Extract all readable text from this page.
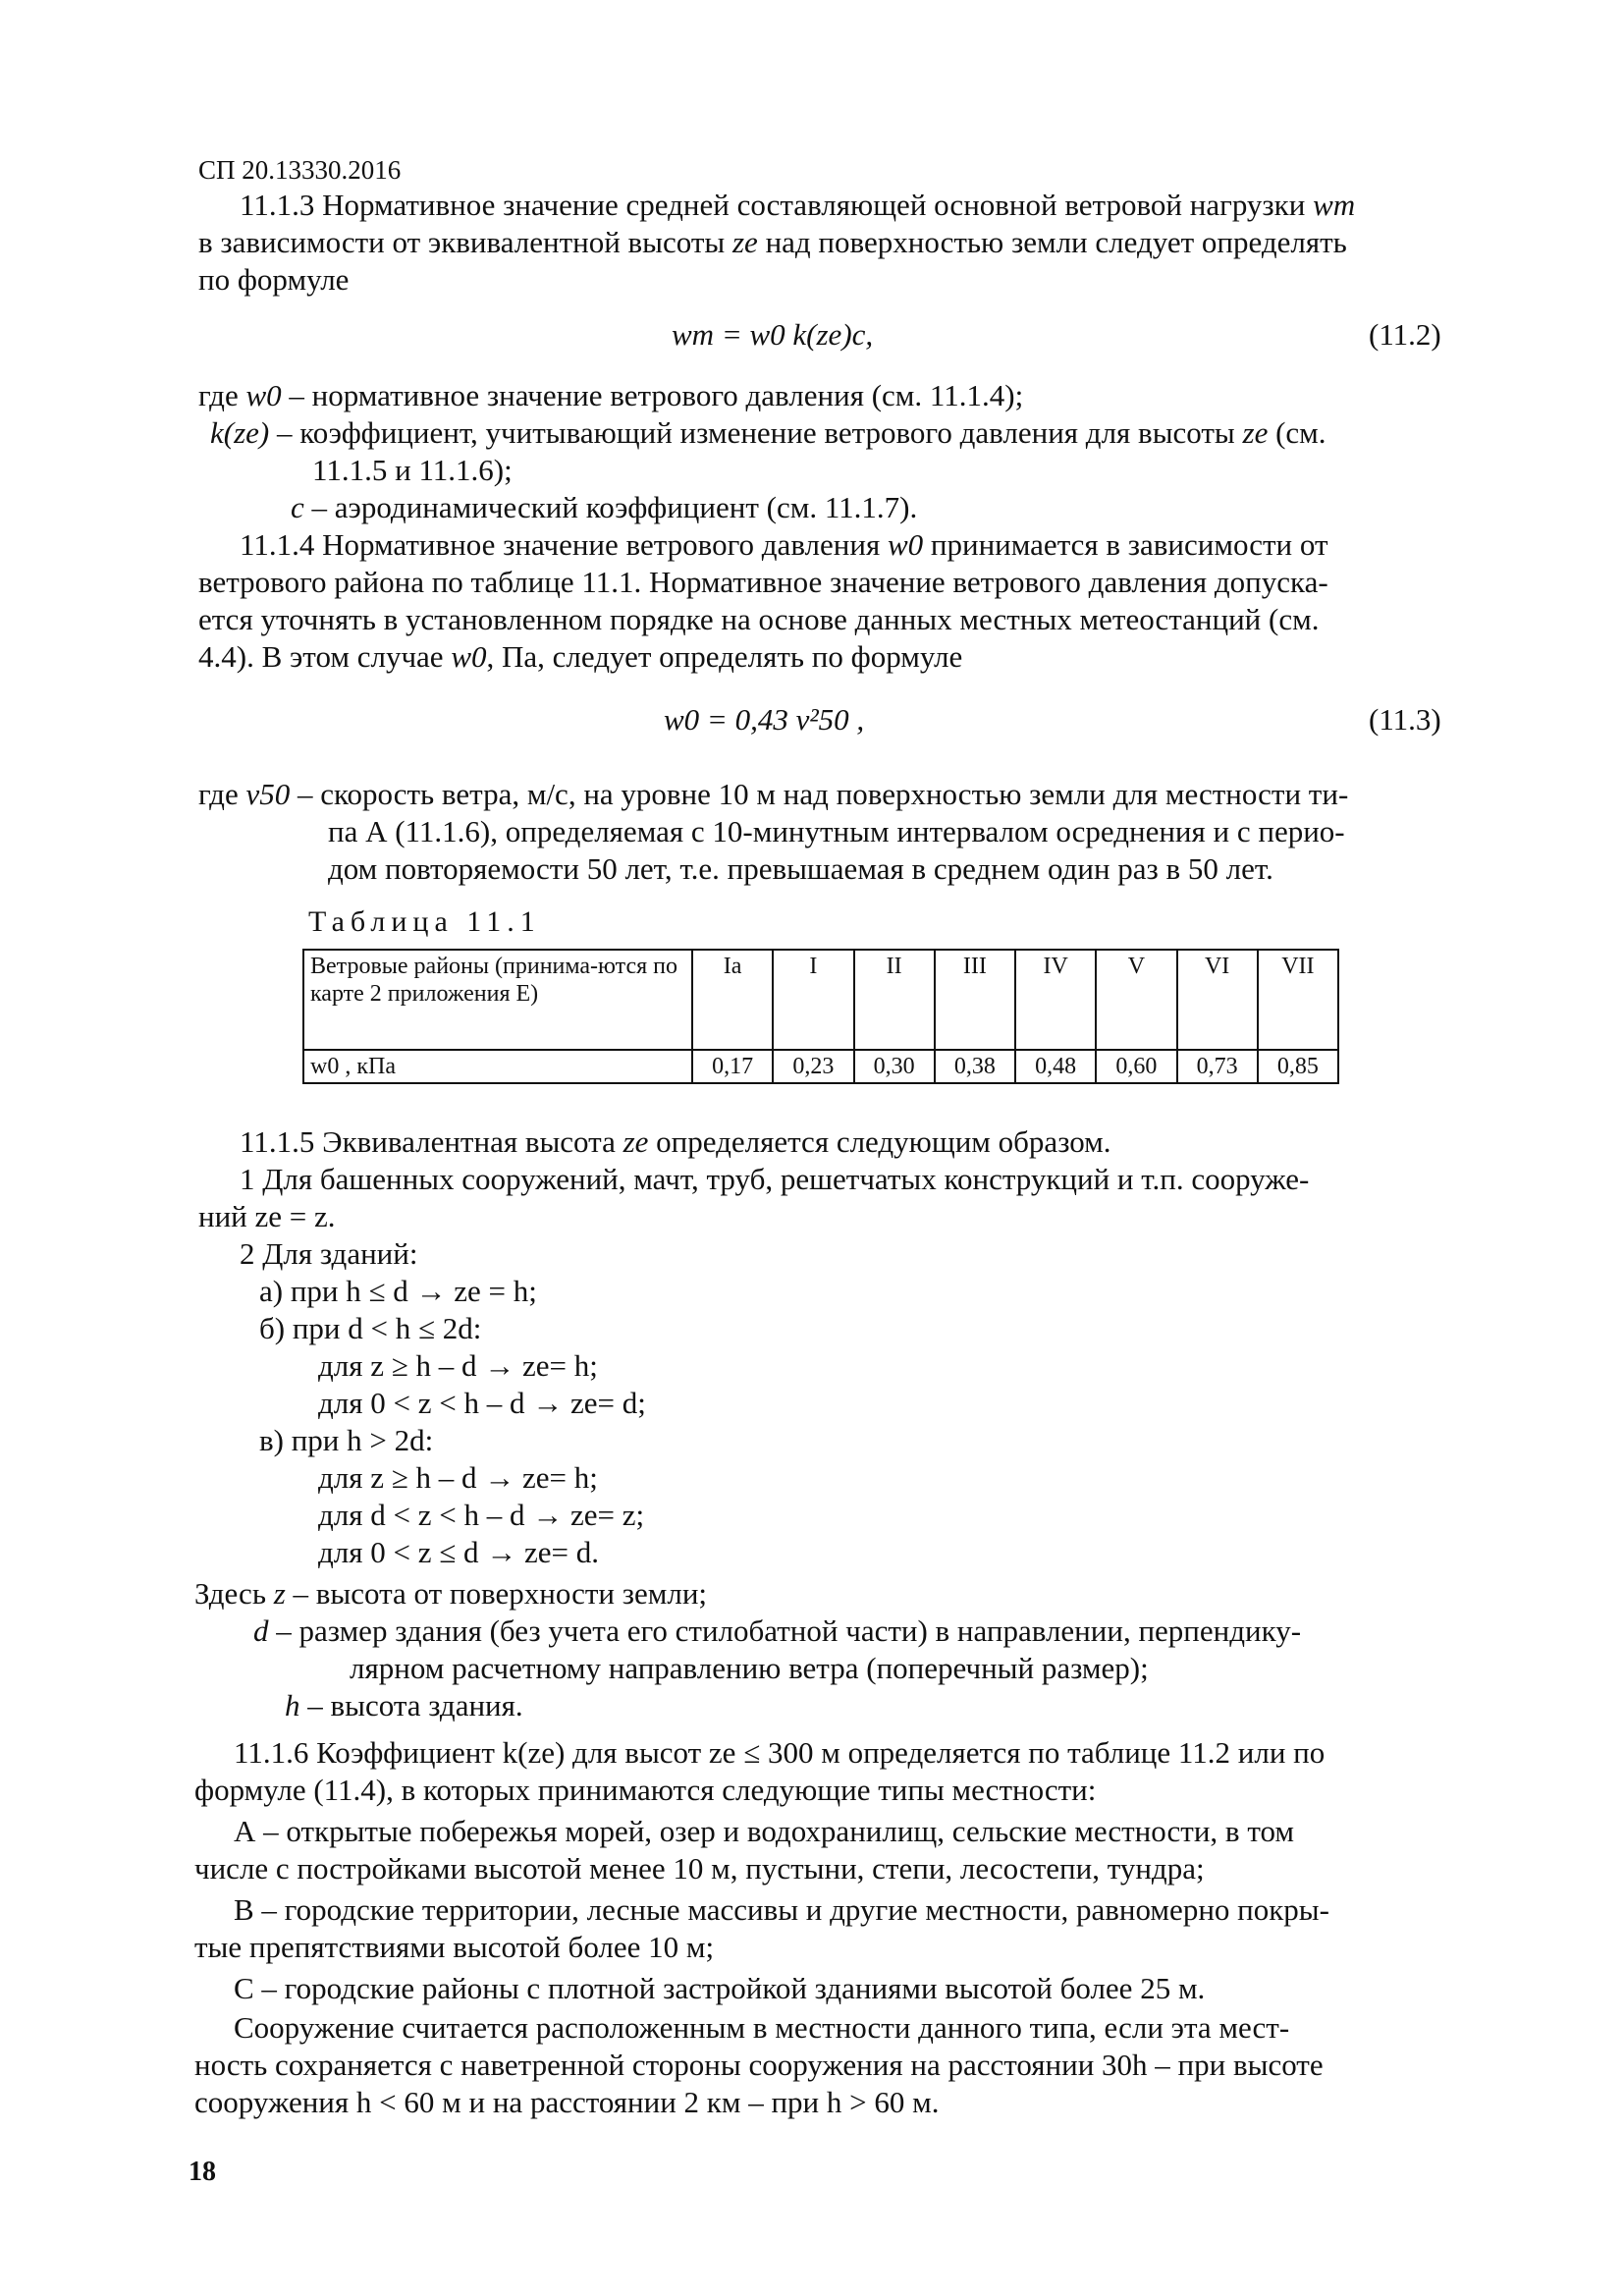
СП 20.13330.2016
11.1.3 Нормативное значение средней составляющей основной ветровой нагрузки wm
в зависимости от эквивалентной высоты ze над поверхностью земли следует определять
по формуле
wm = w0 k(ze)c,	(11.2)
где w0 – нормативное значение ветрового давления (см. 11.1.4);
k(ze) – коэффициент, учитывающий изменение ветрового давления для высоты ze (см.
11.1.5 и 11.1.6);
c – аэродинамический коэффициент (см. 11.1.7).
11.1.4 Нормативное значение ветрового давления w0 принимается в зависимости от
ветрового района по таблице 11.1. Нормативное значение ветрового давления допуска-
ется уточнять в установленном порядке на основе данных местных метеостанций (см.
4.4). В этом случае w0, Па, следует определять по формуле
w0 = 0,43 v²50 ,	(11.3)
где v50 – скорость ветра, м/с, на уровне 10 м над поверхностью земли для местности ти-
па А (11.1.6), определяемая с 10-минутным интервалом осреднения и с перио-
дом повторяемости 50 лет, т.е. превышаемая в среднем один раз в 50 лет.
Таблица 11.1
Ветровые районы (принима-ются по карте 2 приложения Е)	Ia	I	II	III	IV	V	VI	VII
w0 , кПа	0,17	0,23	0,30	0,38	0,48	0,60	0,73	0,85
11.1.5 Эквивалентная высота ze определяется следующим образом.
1 Для башенных сооружений, мачт, труб, решетчатых конструкций и т.п. сооруже-
ний ze = z.
2 Для зданий:
а) при h ≤ d → ze = h;
б) при d < h ≤ 2d:
для z ≥ h – d → ze= h;
для 0 < z < h – d → ze= d;
в) при h > 2d:
для z ≥ h – d → ze= h;
для d < z < h – d → ze= z;
для 0 < z ≤ d → ze= d.
Здесь z – высота от поверхности земли;
d – размер здания (без учета его стилобатной части) в направлении, перпендику-
лярном расчетному направлению ветра (поперечный размер);
h – высота здания.
11.1.6 Коэффициент k(ze) для высот ze ≤ 300 м определяется по таблице 11.2 или по
формуле (11.4), в которых принимаются следующие типы местности:
А – открытые побережья морей, озер и водохранилищ, сельские местности, в том
числе с постройками высотой менее 10 м, пустыни, степи, лесостепи, тундра;
В – городские территории, лесные массивы и другие местности, равномерно покры-
тые препятствиями высотой более 10 м;
С – городские районы с плотной застройкой зданиями высотой более 25 м.
Сооружение считается расположенным в местности данного типа, если эта мест-
ность сохраняется с наветренной стороны сооружения на расстоянии 30h – при высоте
сооружения h < 60 м и на расстоянии 2 км – при h > 60 м.
18
